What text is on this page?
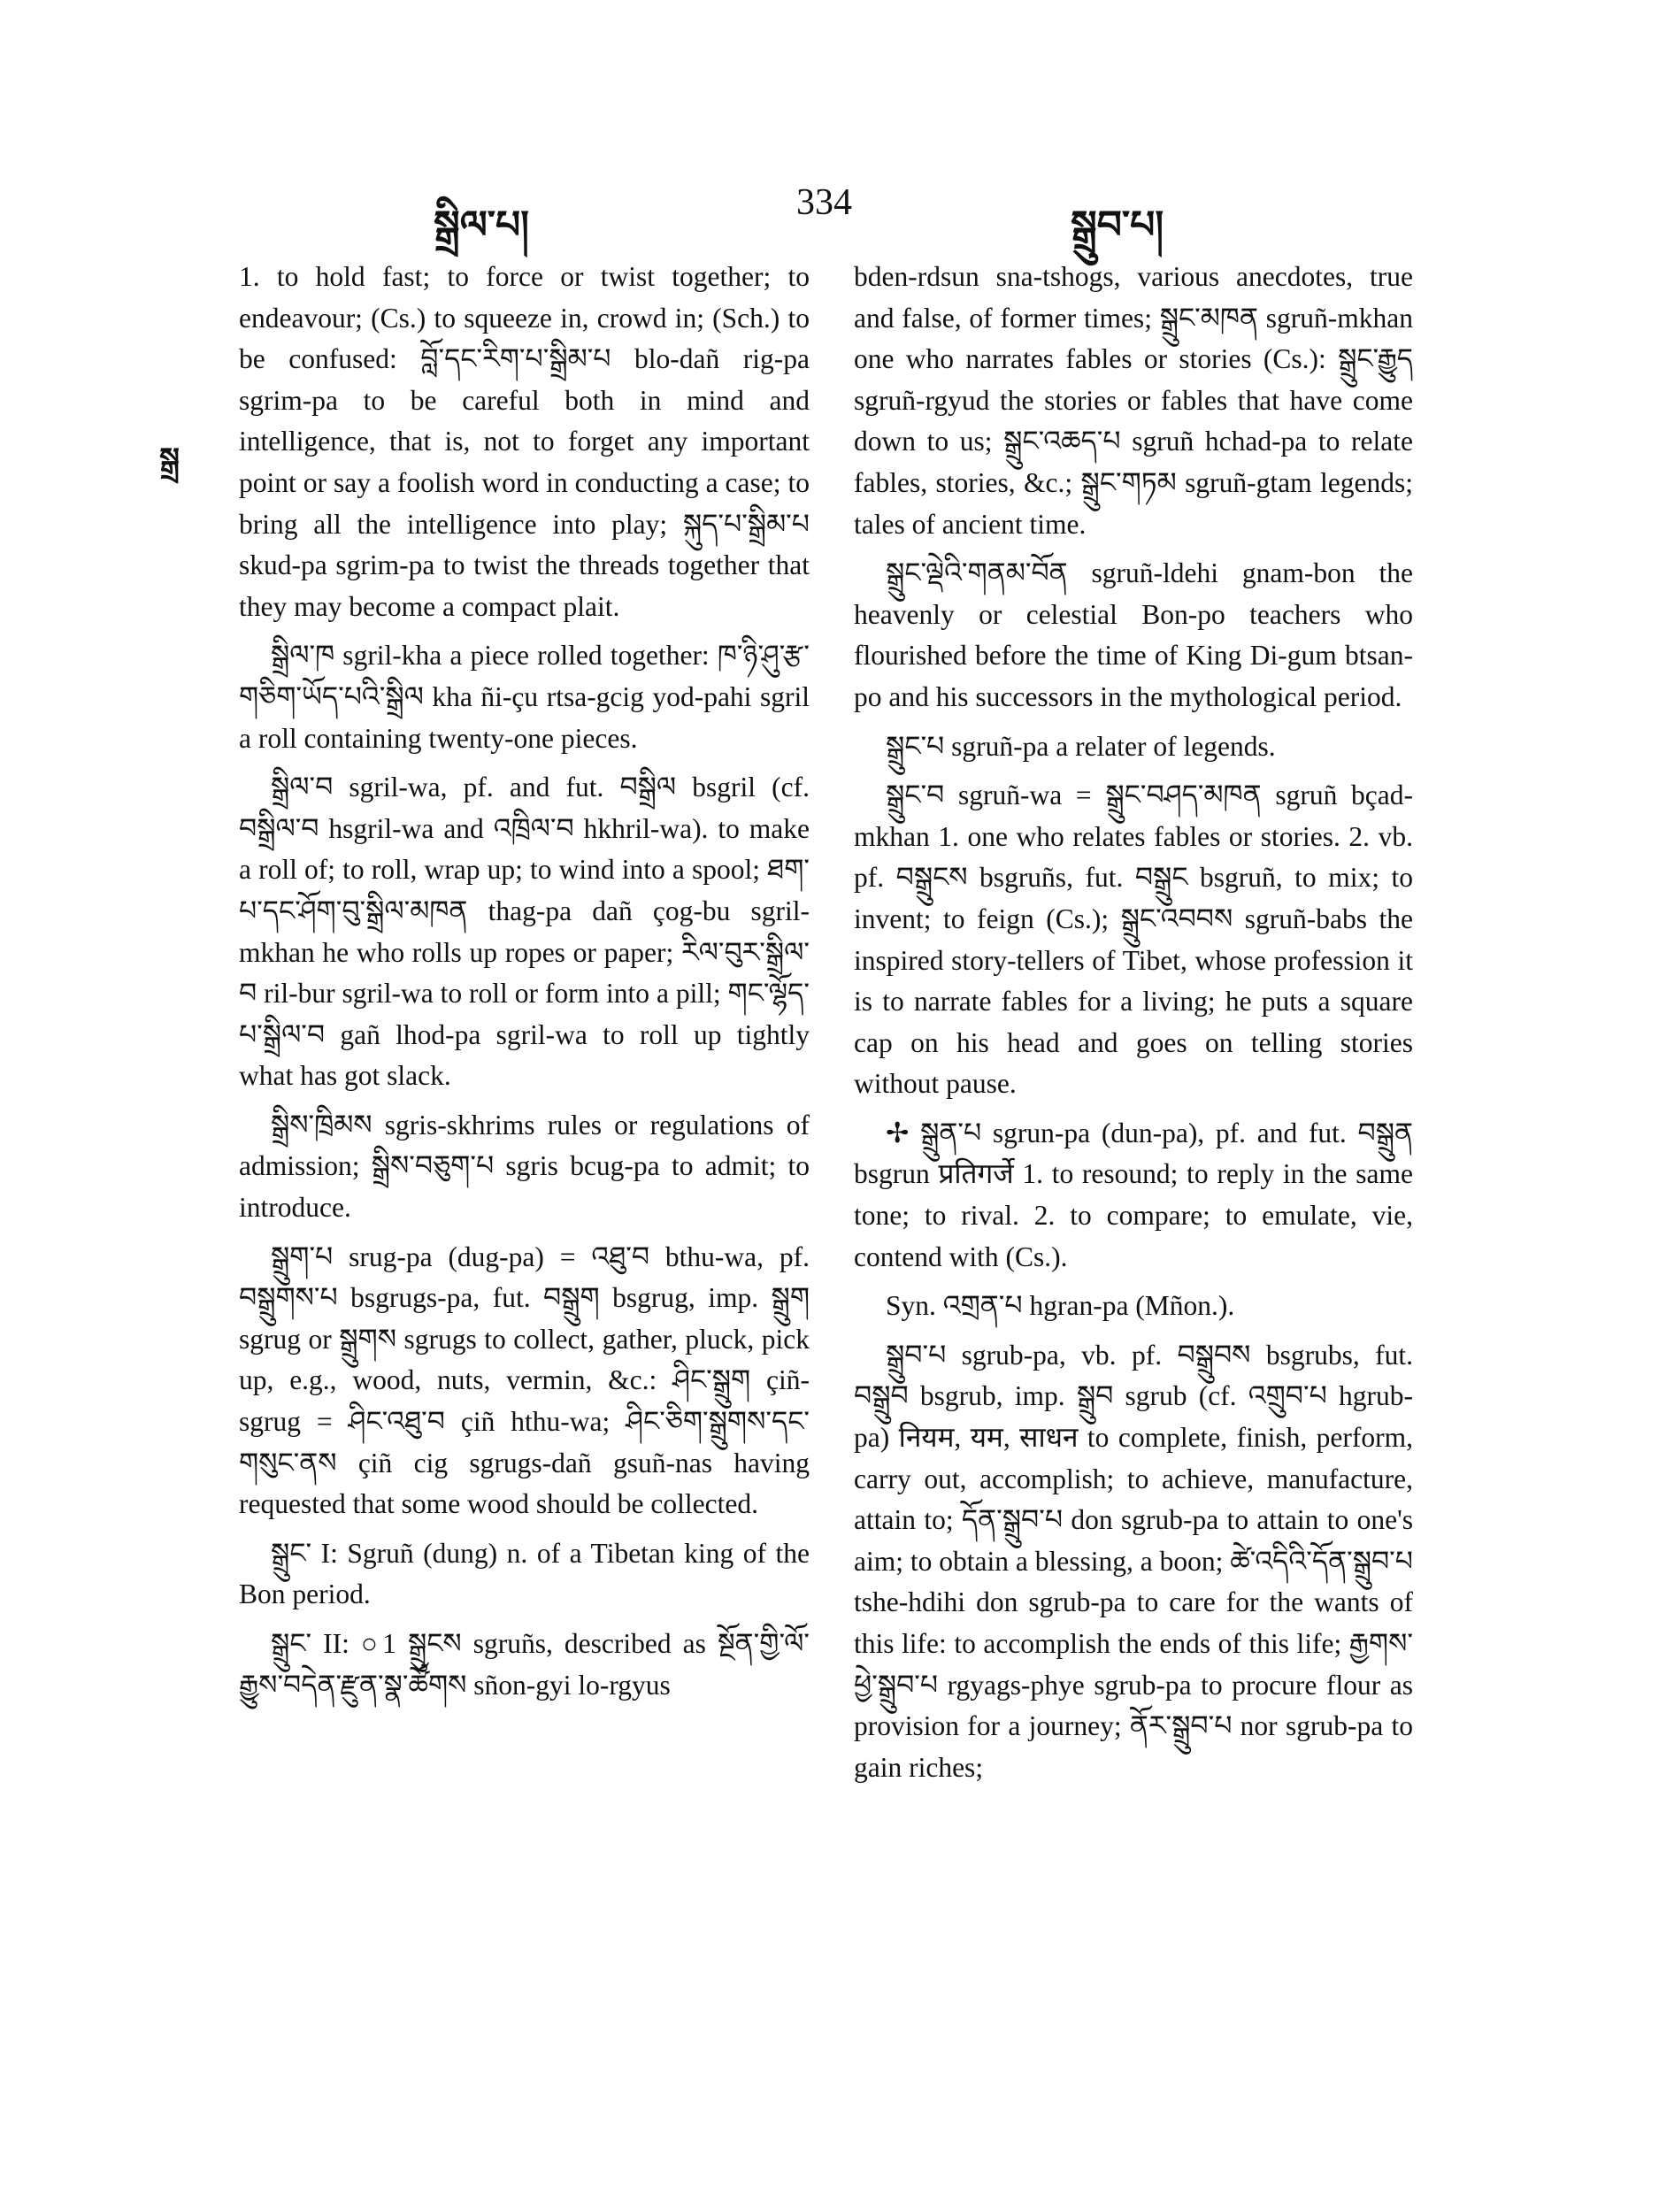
སྒྲིལ་པ།
334
སྒྲུབ་པ།
སྒྲ

1. to hold fast; to force or twist together; to endeavour; (Cs.) to squeeze in, crowd in; (Sch.) to be confused: བློ་དང་རིག་པ་སྒྲིམ་པ blo-dañ rig-pa sgrim-pa to be careful both in mind and intelligence, that is, not to forget any important point or say a foolish word in conducting a case; to bring all the intelligence into play; སྐུད་པ་སྒྲིམ་པ skud-pa sgrim-pa to twist the threads together that they may become a compact plait.

སྒྲིལ་ཁ sgril-kha a piece rolled together: ཁ་ཉི་ཤུ་རྩ་གཅིག་ཡོད་པའི་སྒྲིལ kha ñi-çu rtsa-gcig yod-pahi sgril a roll containing twenty-one pieces.

སྒྲིལ་བ sgril-wa, pf. and fut. བསྒྲིལ bsgril (cf. བསྒྲིལ་བ hsgril-wa and འཁྲིལ་བ hkhril-wa). to make a roll of; to roll, wrap up; to wind into a spool; ཐག་པ་དང་ཤོག་བུ་སྒྲིལ་མཁན thag-pa dañ çog-bu sgril-mkhan he who rolls up ropes or paper; རིལ་བུར་སྒྲིལ་བ ril-bur sgril-wa to roll or form into a pill; གང་ལྷོད་པ་སྒྲིལ་བ gañ lhod-pa sgril-wa to roll up tightly what has got slack.

སྒྲིས་ཁྲིམས sgris-skhrims rules or regulations of admission; སྒྲིས་བཅུག་པ sgris bcug-pa to admit; to introduce.

སྒྲུག་པ srug-pa (dug-pa) = འཐུ་བ bthu-wa, pf. བསྒྲུགས་པ bsgrugs-pa, fut. བསྒྲུག bsgrug, imp. སྒྲུག sgrug or སྒྲུགས sgrugs to collect, gather, pluck, pick up, e.g., wood, nuts, vermin, &c.: ཤིང་སྒྲུག çiñ-sgrug = ཤིང་འཐུ་བ çiñ hthu-wa; ཤིང་ཅིག་སྒྲུགས་དང་གསུང་ནས çiñ cig sgrugs-dañ gsuñ-nas having requested that some wood should be collected.

སྒྲུང་ I: Sgruñ (dung) n. of a Tibetan king of the Bon period.

སྒྲུང་ II: ○1 སྒྲུངས sgruñs, described as སྔོན་གྱི་ལོ་རྒྱུས་བདེན་རྫུན་སྣ་ཚོགས sñon-gyi lo-rgyus

bden-rdsun sna-tshogs, various anecdotes, true and false, of former times; སྒྲུང་མཁན sgruñ-mkhan one who narrates fables or stories (Cs.): སྒྲུང་རྒྱུད sgruñ-rgyud the stories or fables that have come down to us; སྒྲུང་འཆད་པ sgruñ hchad-pa to relate fables, stories, &c.; སྒྲུང་གཏམ sgruñ-gtam legends; tales of ancient time.

སྒྲུང་ལྡེའི་གནམ་བོན sgruñ-ldehi gnam-bon the heavenly or celestial Bon-po teachers who flourished before the time of King Di-gum btsan-po and his successors in the mythological period.

སྒྲུང་པ sgruñ-pa a relater of legends.

སྒྲུང་བ sgruñ-wa = སྒྲུང་བཤད་མཁན sgruñ bçad-mkhan 1. one who relates fables or stories. 2. vb. pf. བསྒྲུངས bsgruñs, fut. བསྒྲུང bsgruñ, to mix; to invent; to feign (Cs.); སྒྲུང་འབབས sgruñ-babs the inspired story-tellers of Tibet, whose profession it is to narrate fables for a living; he puts a square cap on his head and goes on telling stories without pause.

✢ སྒྲུན་པ sgrun-pa (dun-pa), pf. and fut. བསྒྲུན bsgrun प्रतिगर्जे 1. to resound; to reply in the same tone; to rival. 2. to compare; to emulate, vie, contend with (Cs.).

Syn. འགྲན་པ hgran-pa (Mñon.).

སྒྲུབ་པ sgrub-pa, vb. pf. བསྒྲུབས bsgrubs, fut. བསྒྲུབ bsgrub, imp. སྒྲུབ sgrub (cf. འགྲུབ་པ hgrub-pa) नियम, यम, साधन to complete, finish, perform, carry out, accomplish; to achieve, manufacture, attain to; དོན་སྒྲུབ་པ don sgrub-pa to attain to one's aim; to obtain a blessing, a boon; ཚེ་འདིའི་དོན་སྒྲུབ་པ tshe-hdihi don sgrub-pa to care for the wants of this life: to accomplish the ends of this life; རྒྱགས་ཕྱེ་སྒྲུབ་པ rgyags-phye sgrub-pa to procure flour as provision for a journey; ནོར་སྒྲུབ་པ nor sgrub-pa to gain riches;
